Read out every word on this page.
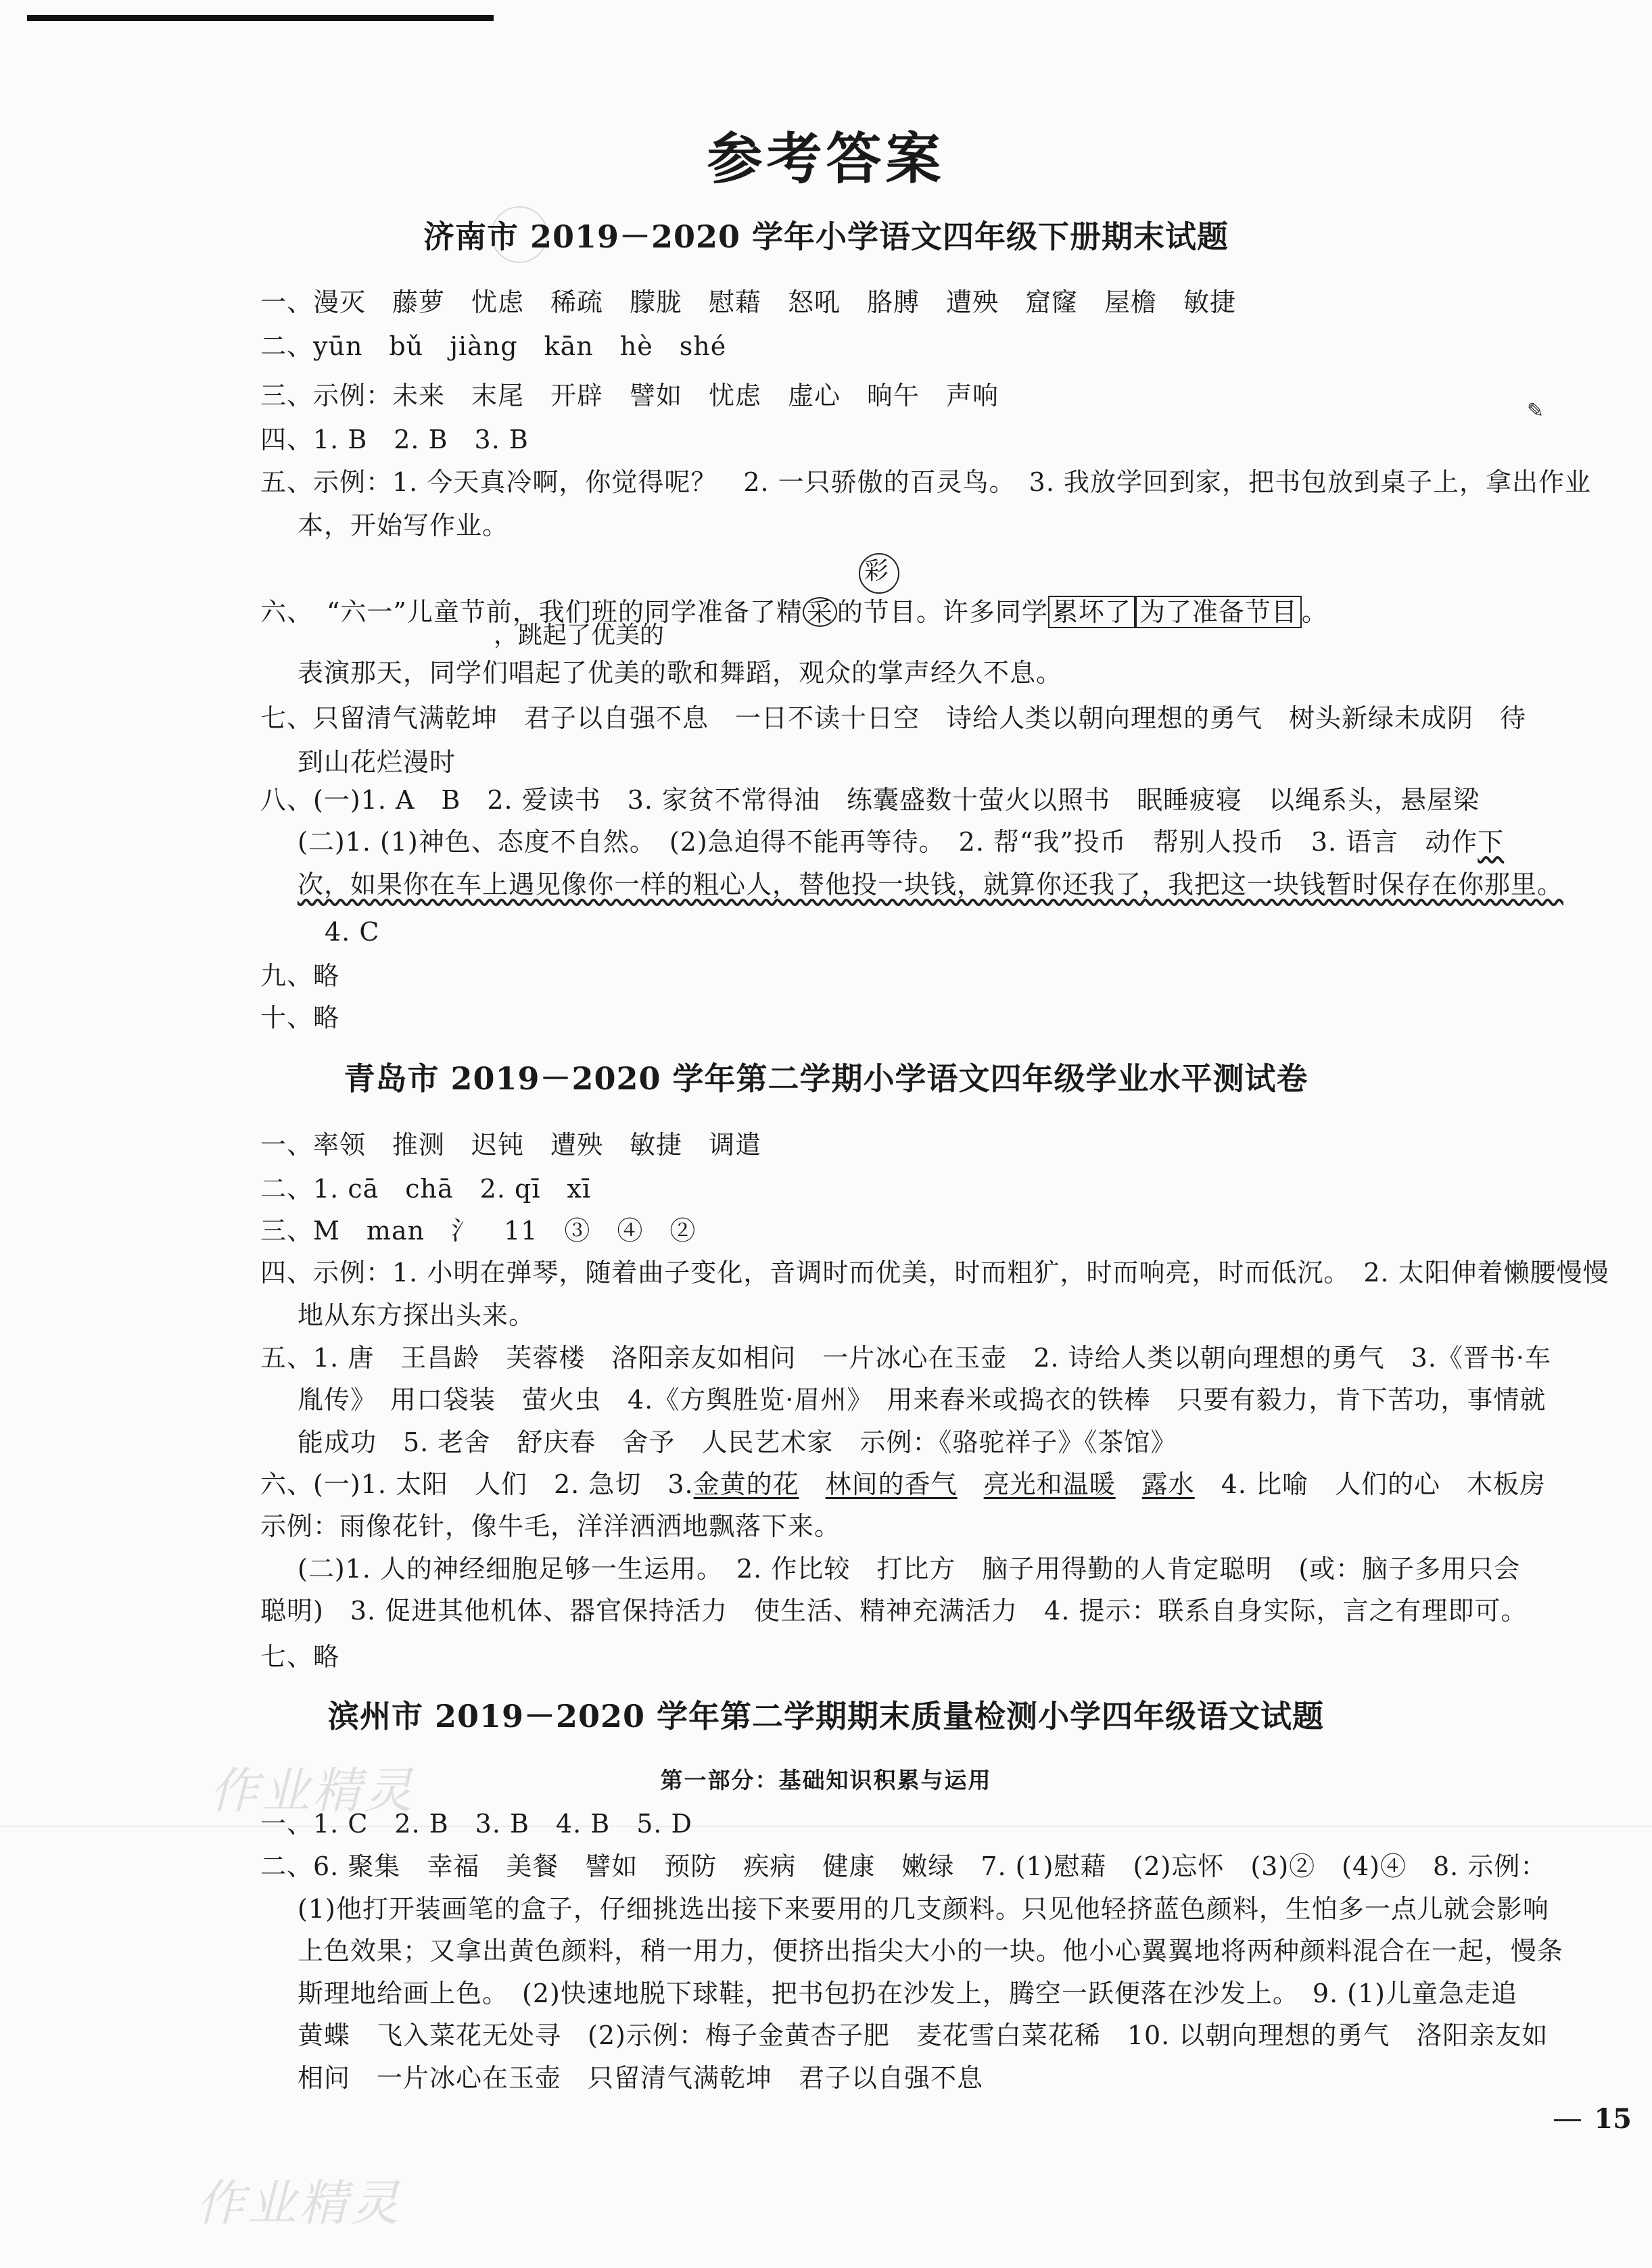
参考答案
济南市 2019－2020 学年小学语文四年级下册期末试题
一、漫灭　藤萝　忧虑　稀疏　朦胧　慰藉　怒吼　胳膊　遭殃　窟窿　屋檐　敏捷
二、yūn　bǔ　jiàng　kān　hè　shé
三、示例：未来　末尾　开辟　譬如　忧虑　虚心　晌午　声响
四、1. B　2. B　3. B
五、示例：1. 今天真冷啊，你觉得呢？　2. 一只骄傲的百灵鸟。　3. 我放学回到家，把书包放到桌子上，拿出作业
本，开始写作业。
✎
彩
，跳起了优美的
六、　“六一”儿童节前，我们班的同学准备了精 采 的节目。许多同学 累坏了 为了准备节目 。
表演那天，同学们唱起了优美的歌和舞蹈，观众的掌声经久不息。
七、只留清气满乾坤　君子以自强不息　一日不读十日空　诗给人类以朝向理想的勇气　树头新绿未成阴　待
到山花烂漫时
八、(一)1. A　B　2. 爱读书　3. 家贫不常得油　练囊盛数十萤火以照书　眠睡疲寝　以绳系头，悬屋梁
(二)1. (1)神色、态度不自然。　(2)急迫得不能再等待。　2. 帮“我”投币　帮别人投币　3. 语言　动作下
次，如果你在车上遇见像你一样的粗心人，替他投一块钱，就算你还我了，我把这一块钱暂时保存在你那里。
4. C
九、略
十、略
青岛市 2019－2020 学年第二学期小学语文四年级学业水平测试卷
一、率领　推测　迟钝　遭殃　敏捷　调遣
二、1. cā　chā　2. qī　xī
三、M　man　氵　11　③　④　②
四、示例：1. 小明在弹琴，随着曲子变化，音调时而优美，时而粗犷，时而响亮，时而低沉。　2. 太阳伸着懒腰慢慢
地从东方探出头来。
五、1. 唐　王昌龄　芙蓉楼　洛阳亲友如相问　一片冰心在玉壶　2. 诗给人类以朝向理想的勇气　3.《晋书·车
胤传》　用口袋装　萤火虫　4.《方舆胜览·眉州》　用来舂米或捣衣的铁棒　只要有毅力，肯下苦功，事情就
能成功　5. 老舍　舒庆春　舍予　人民艺术家　示例：《骆驼祥子》《茶馆》
六、(一)1. 太阳　人们　2. 急切　3.金黄的花　 林间的香气　 亮光和温暖　 露水　 4. 比喻　人们的心　木板房
示例：雨像花针，像牛毛，洋洋洒洒地飘落下来。
(二)1. 人的神经细胞足够一生运用。　2. 作比较　打比方　脑子用得勤的人肯定聪明　(或：脑子多用只会
聪明)　3. 促进其他机体、器官保持活力　使生活、精神充满活力　4. 提示：联系自身实际，言之有理即可。
七、略
滨州市 2019－2020 学年第二学期期末质量检测小学四年级语文试题
第一部分：基础知识积累与运用
作业精灵
一、1. C　2. B　3. B　4. B　5. D
二、6. 聚集　幸福　美餐　譬如　预防　疾病　健康　嫩绿　7. (1)慰藉　(2)忘怀　(3)②　(4)④　8. 示例：
(1)他打开装画笔的盒子，仔细挑选出接下来要用的几支颜料。只见他轻挤蓝色颜料，生怕多一点儿就会影响
上色效果；又拿出黄色颜料，稍一用力，便挤出指尖大小的一块。他小心翼翼地将两种颜料混合在一起，慢条
斯理地给画上色。　(2)快速地脱下球鞋，把书包扔在沙发上，腾空一跃便落在沙发上。　9. (1)儿童急走追
黄蝶　飞入菜花无处寻　(2)示例：梅子金黄杏子肥　麦花雪白菜花稀　10. 以朝向理想的勇气　洛阳亲友如
相问　一片冰心在玉壶　只留清气满乾坤　君子以自强不息
15
作业精灵
